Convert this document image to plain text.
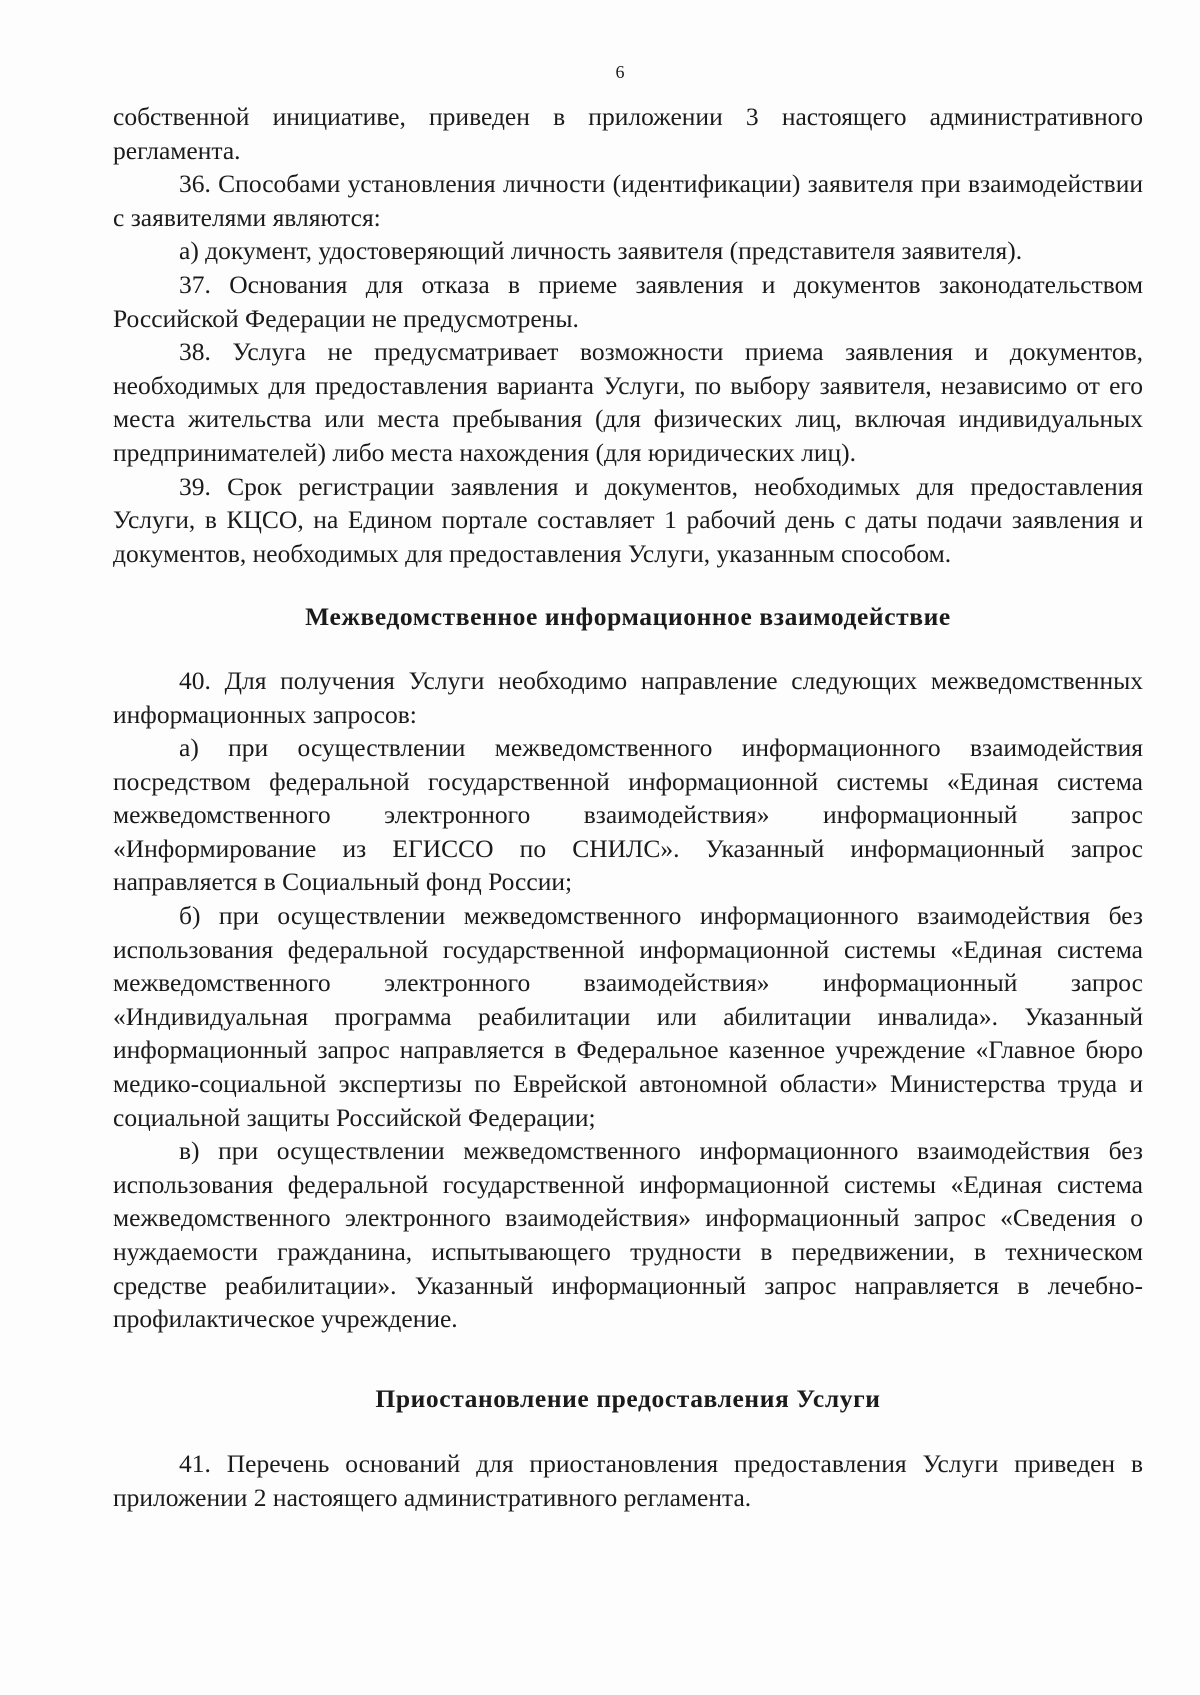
6

собственной инициативе, приведен в приложении 3 настоящего административного регламента.

36. Способами установления личности (идентификации) заявителя при взаимодействии с заявителями являются:

а) документ, удостоверяющий личность заявителя (представителя заявителя).

37. Основания для отказа в приеме заявления и документов законодательством Российской Федерации не предусмотрены.

38. Услуга не предусматривает возможности приема заявления и документов, необходимых для предоставления варианта Услуги, по выбору заявителя, независимо от его места жительства или места пребывания (для физических лиц, включая индивидуальных предпринимателей) либо места нахождения (для юридических лиц).

39. Срок регистрации заявления и документов, необходимых для предоставления Услуги, в КЦСО, на Едином портале составляет 1 рабочий день с даты подачи заявления и документов, необходимых для предоставления Услуги, указанным способом.

Межведомственное информационное взаимодействие

40. Для получения Услуги необходимо направление следующих межведомственных информационных запросов:

а) при осуществлении межведомственного информационного взаимодействия посредством федеральной государственной информационной системы «Единая система межведомственного электронного взаимодействия» информационный запрос «Информирование из ЕГИССО по СНИЛС». Указанный информационный запрос направляется в Социальный фонд России;

б) при осуществлении межведомственного информационного взаимодействия без использования федеральной государственной информационной системы «Единая система межведомственного электронного взаимодействия» информационный запрос «Индивидуальная программа реабилитации или абилитации инвалида». Указанный информационный запрос направляется в Федеральное казенное учреждение «Главное бюро медико-социальной экспертизы по Еврейской автономной области» Министерства труда и социальной защиты Российской Федерации;

в) при осуществлении межведомственного информационного взаимодействия без использования федеральной государственной информационной системы «Единая система межведомственного электронного взаимодействия» информационный запрос «Сведения о нуждаемости гражданина, испытывающего трудности в передвижении, в техническом средстве реабилитации». Указанный информационный запрос направляется в лечебно-профилактическое учреждение.

Приостановление предоставления Услуги

41. Перечень оснований для приостановления предоставления Услуги приведен в приложении 2 настоящего административного регламента.
